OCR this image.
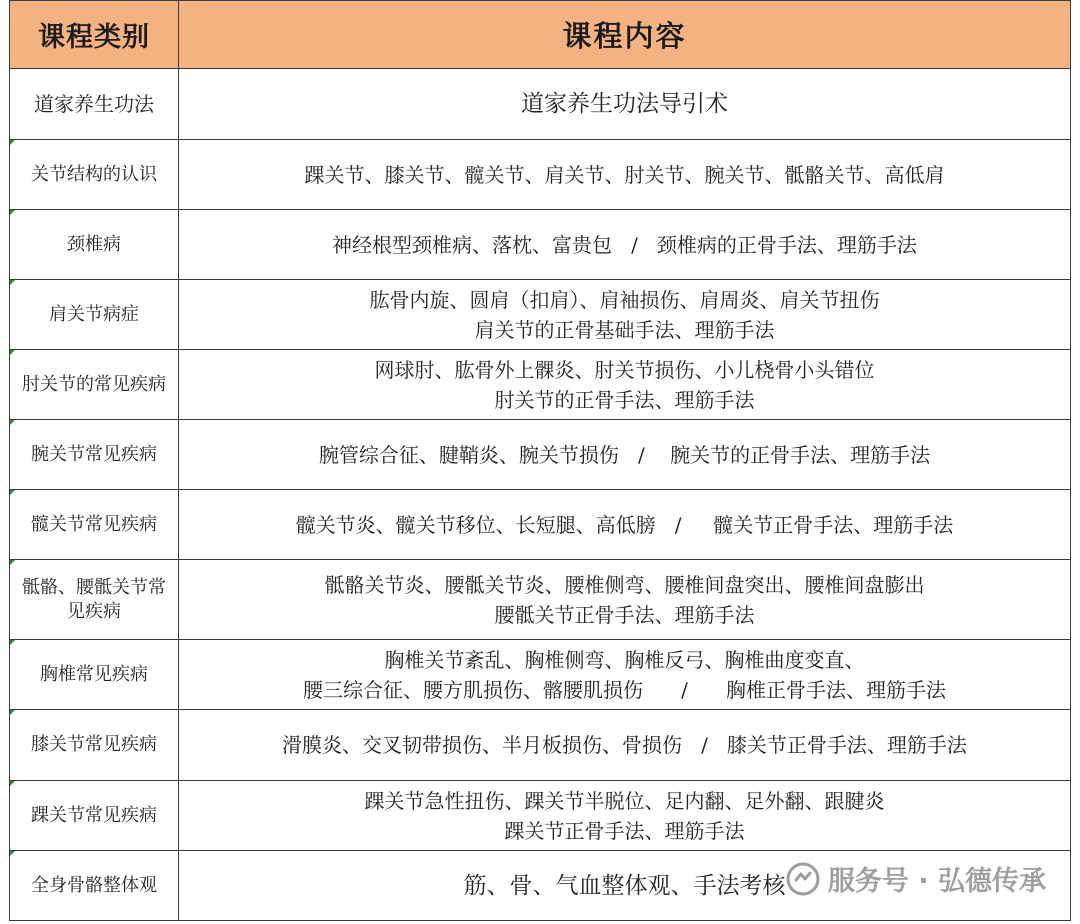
课程类别	课程内容
道家养生功法	道家养生功法导引术

关节结构的认识	踝关节、膝关节、髋关节、肩关节、肘关节、腕关节、骶骼关节、高低肩

颈椎病	神经根型颈椎病、落枕、富贵包   /   颈椎病的正骨手法、理筋手法

肩关节病症	肱骨内旋、圆肩（扣肩）、肩袖损伤、肩周炎、肩关节扭伤
肩关节的正骨基础手法、理筋手法

肘关节的常见疾病	网球肘、肱骨外上髁炎、肘关节损伤、小儿桡骨小头错位
肘关节的正骨手法、理筋手法

腕关节常见疾病	腕管综合征、腱鞘炎、腕关节损伤   /    腕关节的正骨手法、理筋手法

髋关节常见疾病	髋关节炎、髋关节移位、长短腿、高低膀   /     髋关节正骨手法、理筋手法

骶骼、腰骶关节常见疾病	骶骼关节炎、腰骶关节炎、腰椎侧弯、腰椎间盘突出、腰椎间盘膨出
腰骶关节正骨手法、理筋手法

胸椎常见疾病	胸椎关节紊乱、胸椎侧弯、胸椎反弓、胸椎曲度变直、
腰三综合征、腰方肌损伤、髂腰肌损伤      /      胸椎正骨手法、理筋手法

膝关节常见疾病	滑膜炎、交叉韧带损伤、半月板损伤、骨损伤   /   膝关节正骨手法、理筋手法

踝关节常见疾病	踝关节急性扭伤、踝关节半脱位、足内翻、足外翻、跟腱炎
踝关节正骨手法、理筋手法

全身骨骼整体观	筋、骨、气血整体观、手法考核 服务号 · 弘德传承
